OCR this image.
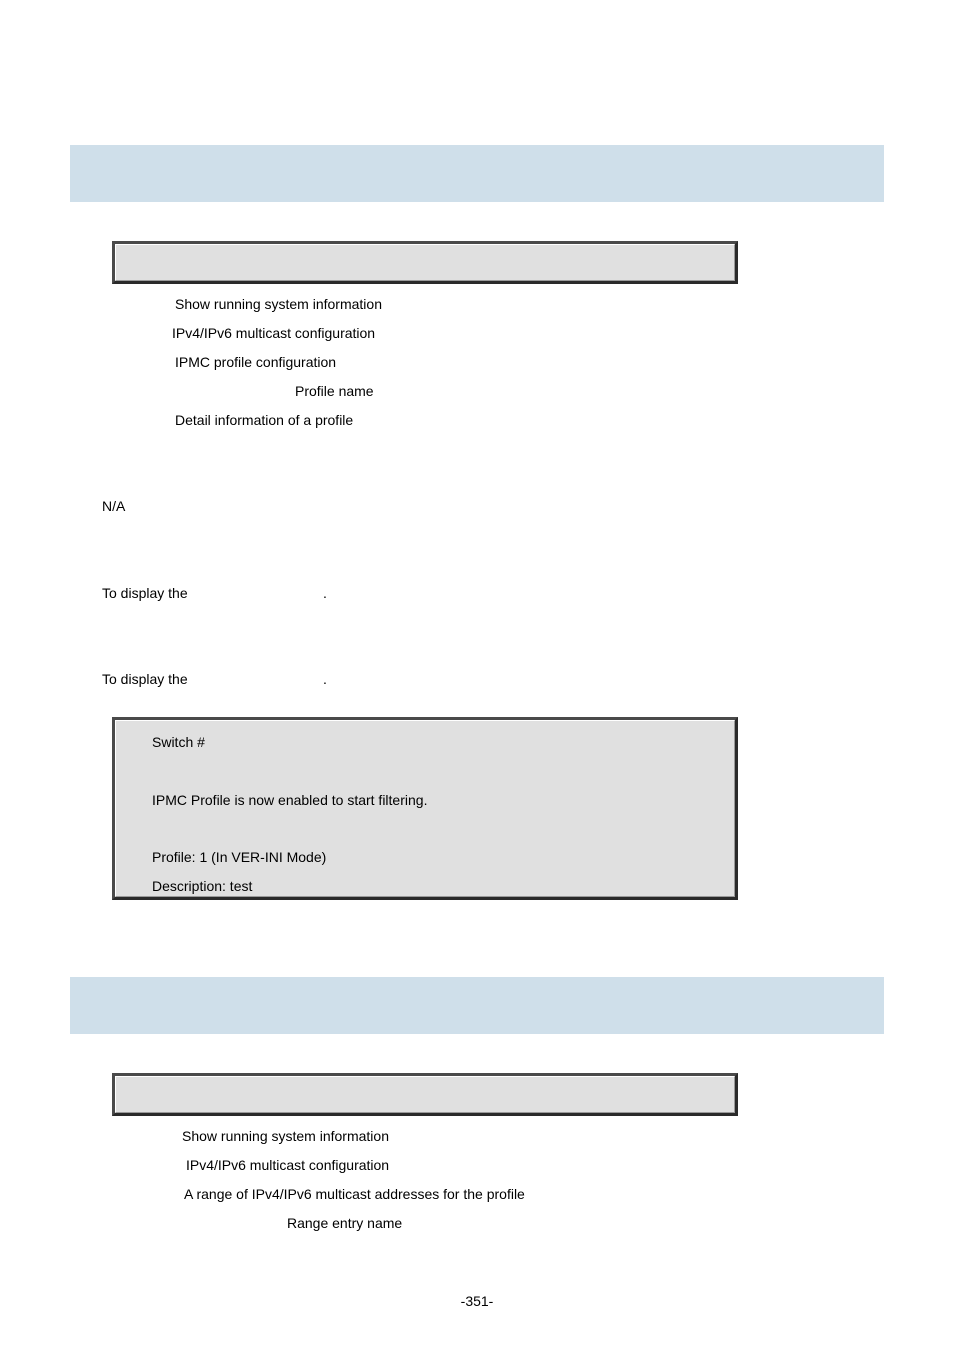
Show running system information
IPv4/IPv6 multicast configuration
IPMC profile configuration
Profile name
Detail information of a profile
N/A
To display the	.
To display the	.
Switch #
IPMC Profile is now enabled to start filtering.
Profile: 1 (In VER-INI Mode)
Description: test
Show running system information
IPv4/IPv6 multicast configuration
A range of IPv4/IPv6 multicast addresses for the profile
Range entry name
-351-
